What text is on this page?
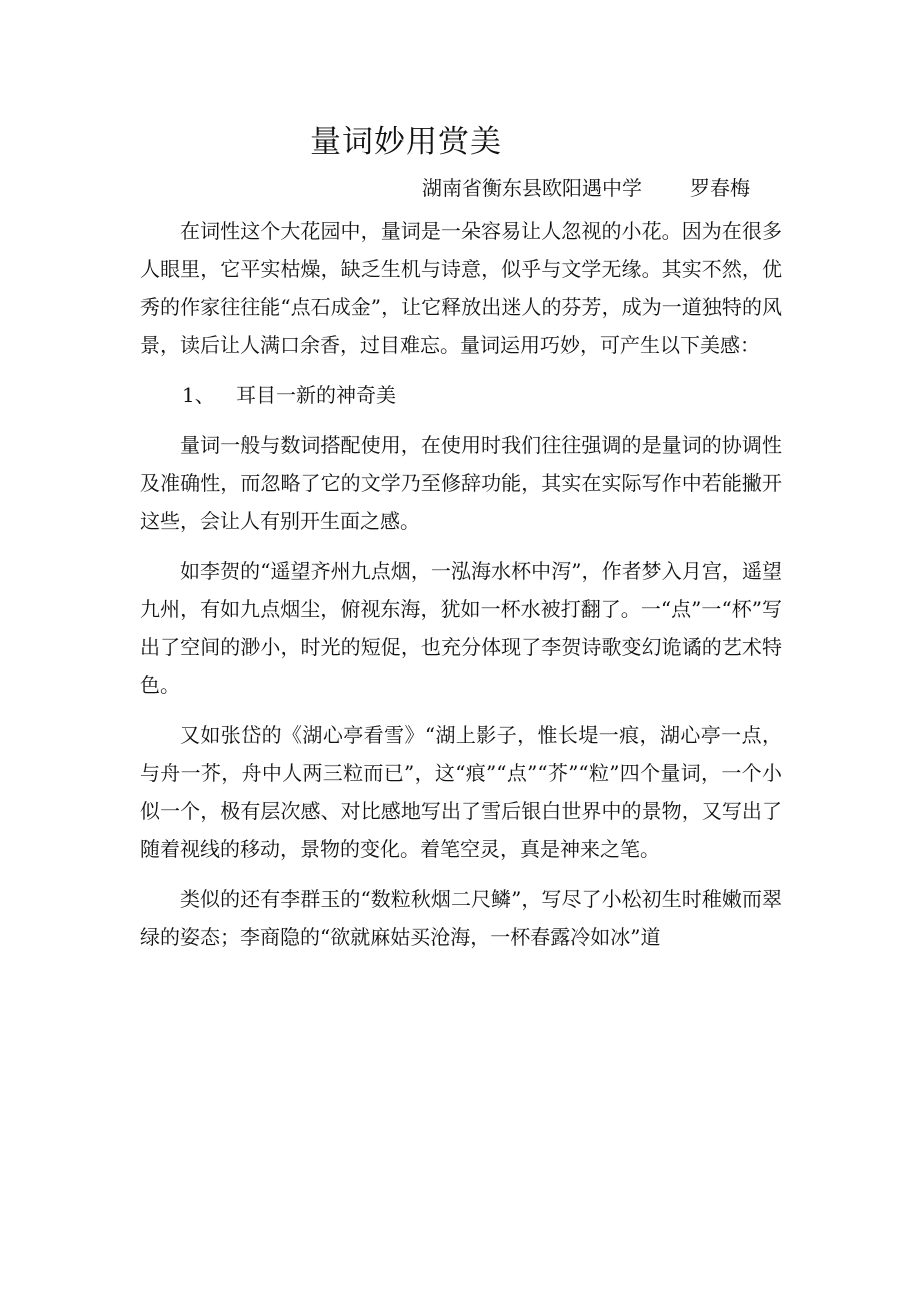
量词妙用赏美
湖南省衡东县欧阳遇中学 罗春梅

在词性这个大花园中，量词是一朵容易让人忽视的小花。因为在很多人眼里，它平实枯燥，缺乏生机与诗意，似乎与文学无缘。其实不然，优秀的作家往往能“点石成金”，让它释放出迷人的芬芳，成为一道独特的风景，读后让人满口余香，过目难忘。量词运用巧妙，可产生以下美感：

1、 耳目一新的神奇美

量词一般与数词搭配使用，在使用时我们往往强调的是量词的协调性及准确性，而忽略了它的文学乃至修辞功能，其实在实际写作中若能撇开这些，会让人有别开生面之感。

如李贺的“遥望齐州九点烟，一泓海水杯中泻”，作者梦入月宫，遥望九州，有如九点烟尘，俯视东海，犹如一杯水被打翻了。一“点”一“杯”写出了空间的渺小，时光的短促，也充分体现了李贺诗歌变幻诡谲的艺术特色。

又如张岱的《湖心亭看雪》“湖上影子，惟长堤一痕，湖心亭一点，与舟一芥，舟中人两三粒而已”，这“痕”“点”“芥”“粒”四个量词，一个小似一个，极有层次感、对比感地写出了雪后银白世界中的景物，又写出了随着视线的移动，景物的变化。着笔空灵，真是神来之笔。

类似的还有李群玉的“数粒秋烟二尺鳞”，写尽了小松初生时稚嫩而翠绿的姿态；李商隐的“欲就麻姑买沧海，一杯春露冷如冰”道
